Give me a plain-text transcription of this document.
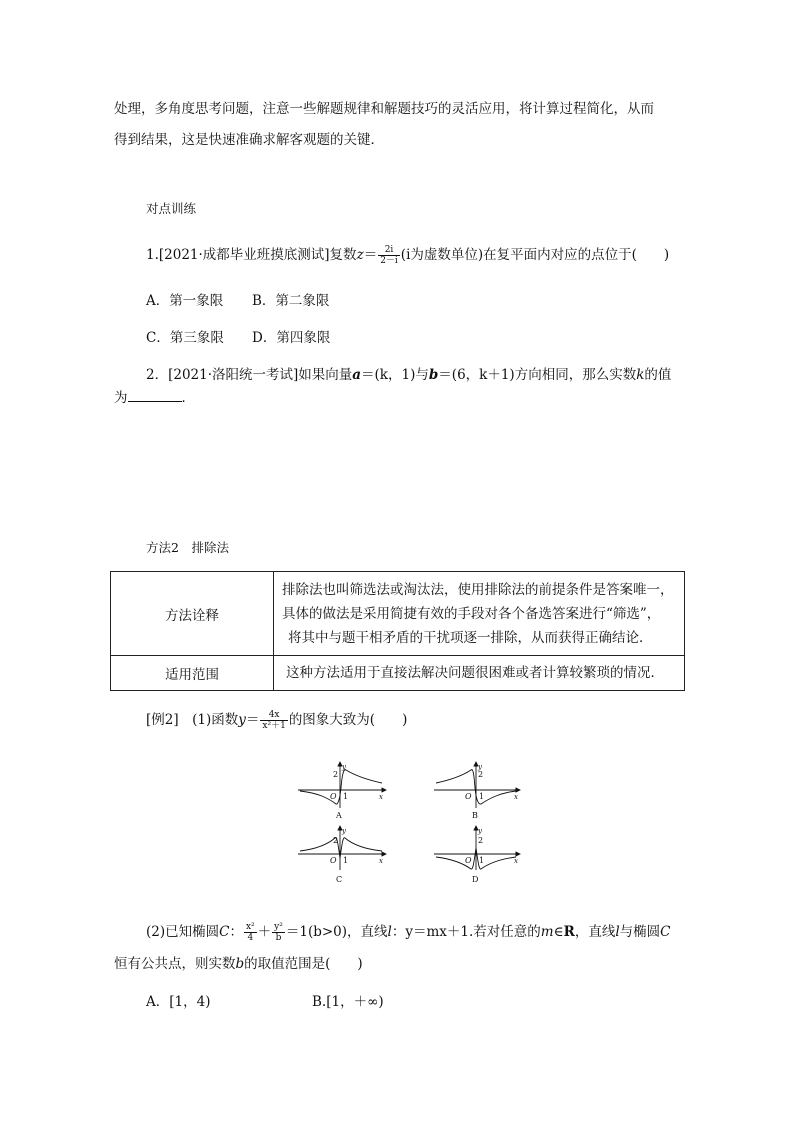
处理，多角度思考问题，注意一些解题规律和解题技巧的灵活应用，将计算过程简化，从而
得到结果，这是快速准确求解客观题的关键．
对点训练
1.[2021·成都毕业班摸底测试]复数$z= \frac{2i}{2-i} (i$为虚数单位)在复平面内对应的点位于(　　)
A．第一象限 B．第二象限
C．第三象限 D．第四象限
2．[2021·洛阳统一考试]如果向量a＝(k，1)与b＝(6，k＋1)方向相同，那么实数k的值
为	．
方法2　排除法
方法诠释	排除法也叫筛选法或淘汰法，使用排除法的前提条件是答案唯一，
具体的做法是采用简捷有效的手段对各个备选答案进行“筛选”，
将其中与题干相矛盾的干扰项逐一排除，从而获得正确结论．

适用范围	这种方法适用于直接法解决问题很困难或者计算较繁琐的情况．
[例2]　(1)函数$y= \frac{4x}{\text{x²＋1}}$ 的图象大致为(　　)
2
y
O 1	x
A
2
y
O 1	x
B
2
y
O 1	x
C
2
y
O 1	x
D
(2)已知椭圆C： $\frac{\text{x²}}{4} + \frac{\text{y²}}{b} =1(b>0)$，直线l：y＝mx＋1.若对任意的m∈R，直线l与椭圆C
恒有公共点，则实数b的取值范围是(　　)
A．[1，4)	B.[1，＋∞)
